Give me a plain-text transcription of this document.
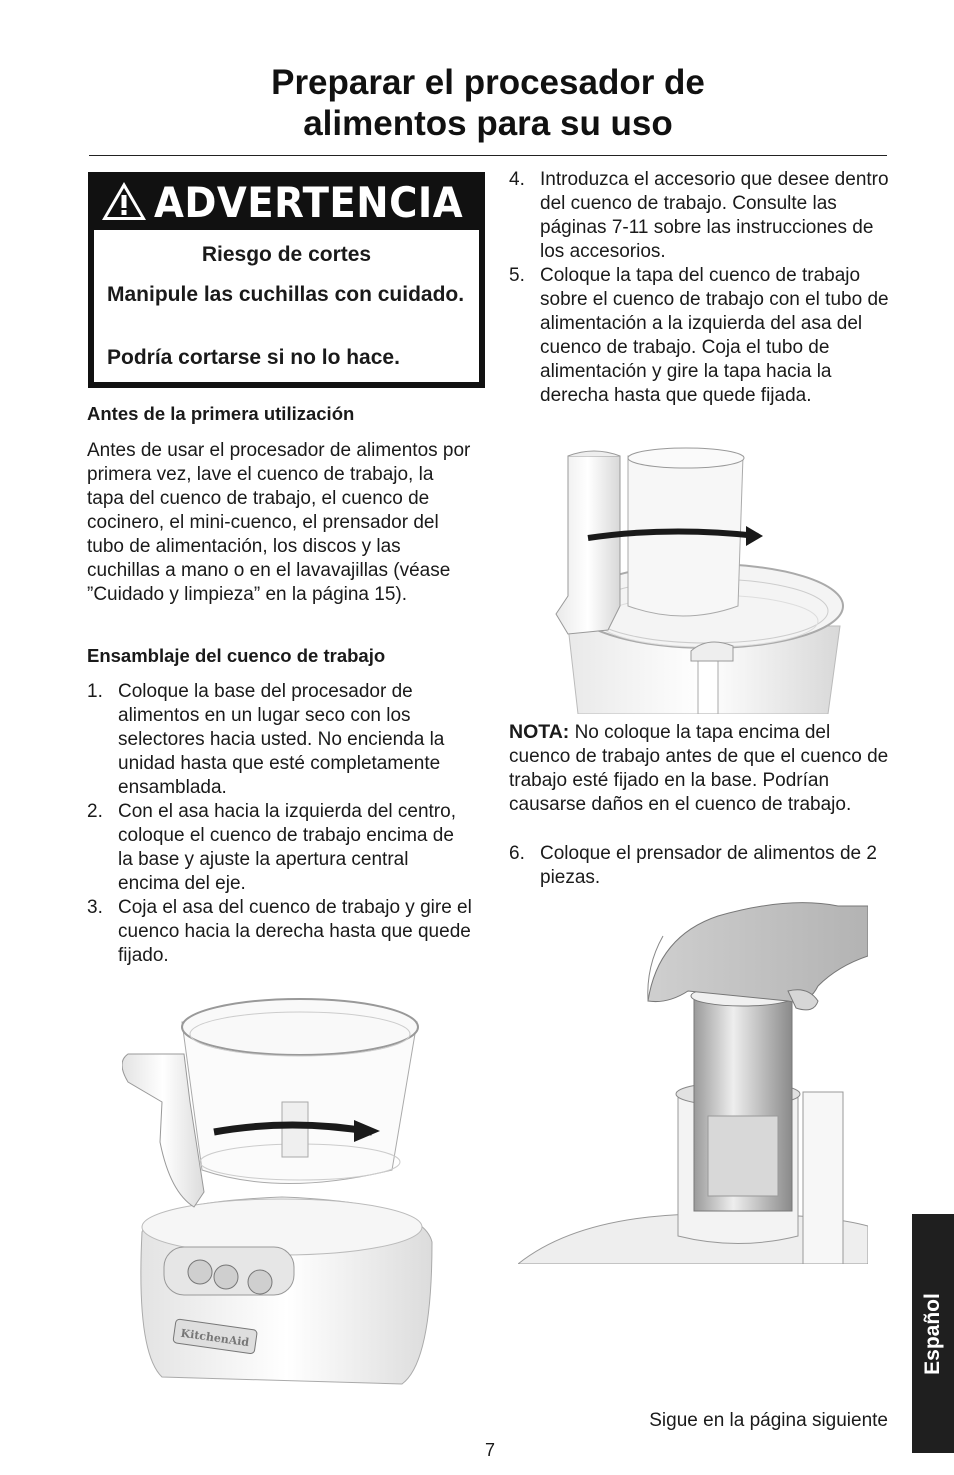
Preparar el procesador de
alimentos para su uso
ADVERTENCIA
Riesgo de cortes
Manipule las cuchillas con cuidado.
Podría cortarse si no lo hace.
Antes de la primera utilización
Antes de usar el procesador de alimentos por primera vez, lave el cuenco de trabajo, la tapa del cuenco de trabajo, el cuenco de cocinero, el mini-cuenco, el prensador del tubo de alimentación, los discos y las cuchillas a mano o en el lavavajillas (véase ”Cuidado y limpieza” en la página 15).
Ensamblaje del cuenco de trabajo
1. Coloque la base del procesador de alimentos en un lugar seco con los selectores hacia usted. No encienda la unidad hasta que esté completamente ensamblada.
2. Con el asa hacia la izquierda del centro, coloque el cuenco de trabajo encima de la base y ajuste la apertura central encima del eje.
3. Coja el asa del cuenco de trabajo y gire el cuenco hacia la derecha hasta que quede fijado.
4. Introduzca el accesorio que desee dentro del cuenco de trabajo. Consulte las páginas 7-11 sobre las instrucciones de los accesorios.
5. Coloque la tapa del cuenco de trabajo sobre el cuenco de trabajo con el tubo de alimentación a la izquierda del asa del cuenco de trabajo. Coja el tubo de alimentación y gire la tapa hacia la derecha hasta que quede fijada.
NOTA: No coloque la tapa encima del cuenco de trabajo antes de que el cuenco de trabajo esté fijado en la base. Podrían causarse daños en el cuenco de trabajo.
6. Coloque el prensador de alimentos de 2 piezas.
KitchenAid	Español
Sigue en la página siguiente
7
